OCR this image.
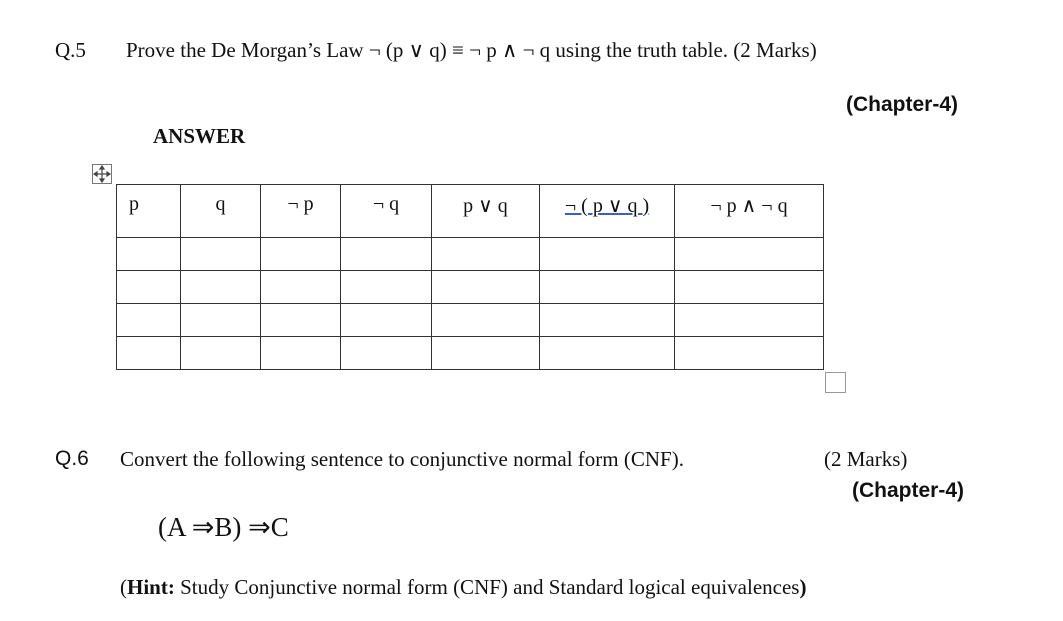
Q.5 Prove the De Morgan’s Law ¬ (p ∨ q) ≡ ¬ p ∧ ¬ q using the truth table. (2 Marks)
(Chapter-4)
ANSWER
p	q	¬ p	¬ q	p ∨ q	¬ ( p ∨ q )	¬ p ∧ ¬ q

Q.6 Convert the following sentence to conjunctive normal form (CNF).	(2 Marks)
(Chapter-4)
(A ⇒B) ⇒C
(Hint: Study Conjunctive normal form (CNF) and Standard logical equivalences)
